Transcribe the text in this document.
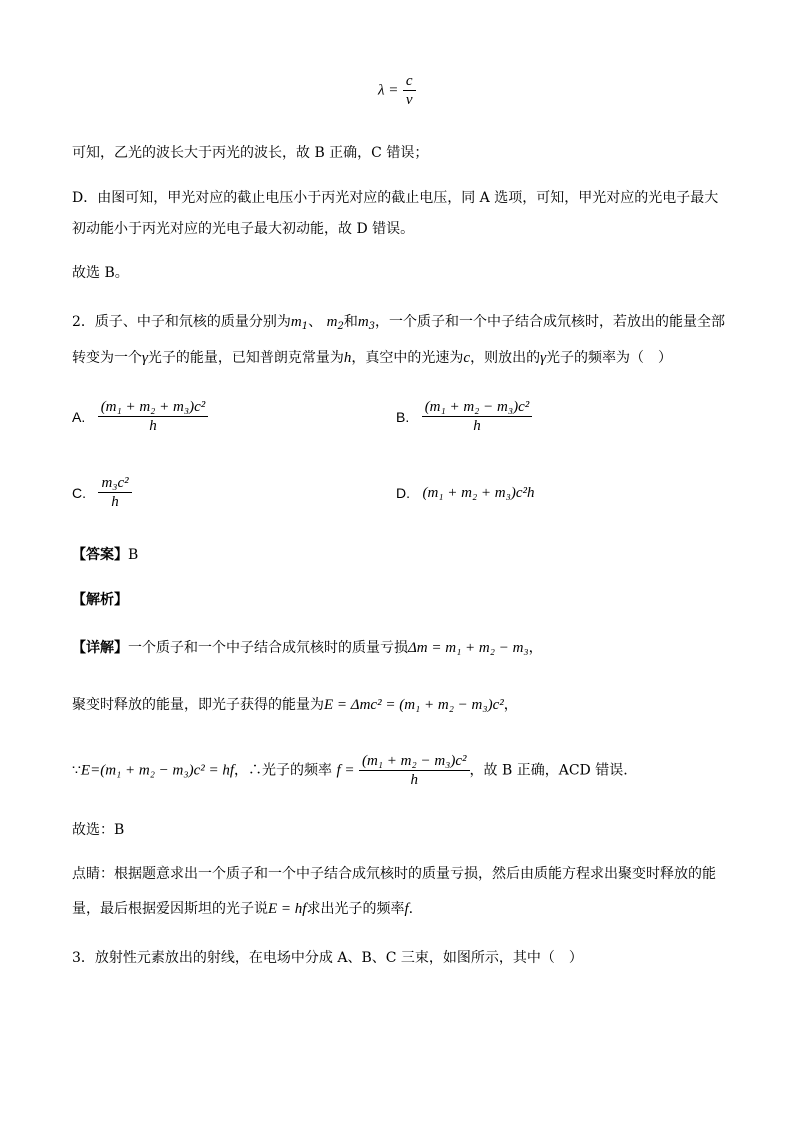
$\lambda = \frac{c}{\nu}$
可知，乙光的波长大于丙光的波长，故 B 正确，C 错误；
D．由图可知，甲光对应的截止电压小于丙光对应的截止电压，同 A 选项，可知，甲光对应的光电子最大
初动能小于丙光对应的光电子最大初动能，故 D 错误。
故选 B。
2．质子、中子和氘核的质量分别为$m_1$、 $m_2$和$m_3$，一个质子和一个中子结合成氘核时，若放出的能量全部
转变为一个γ光子的能量，已知普朗克常量为h，真空中的光速为c，则放出的γ光子的频率为（　）
A. $\frac{\text{(m₁ + m₂ + m₃)c²}}{h}$	B. $\frac{\text{(m₁ + m₂ − m₃)c²}}{h}$
C. $\frac{\text{m₃c²}}{h}$	D. (m₁ + m₂ + m₃)c²h
【答案】B
【解析】
【详解】一个质子和一个中子结合成氘核时的质量亏损Δm = m₁ + m₂ − m₃，
聚变时释放的能量，即光子获得的能量为E = Δmc² = (m₁ + m₂ − m₃)c²，
∵E=(m₁ + m₂ − m₃)c² = hf，∴光子的频率 $f = \frac{\text{(m₁ + m₂ − m₃)c²}}{h}$ ，故 B 正确，ACD 错误.
故选：B
点睛：根据题意求出一个质子和一个中子结合成氘核时的质量亏损，然后由质能方程求出聚变时释放的能
量，最后根据爱因斯坦的光子说E = hf求出光子的频率f.
3．放射性元素放出的射线，在电场中分成 A、B、C 三束，如图所示，其中（　）
